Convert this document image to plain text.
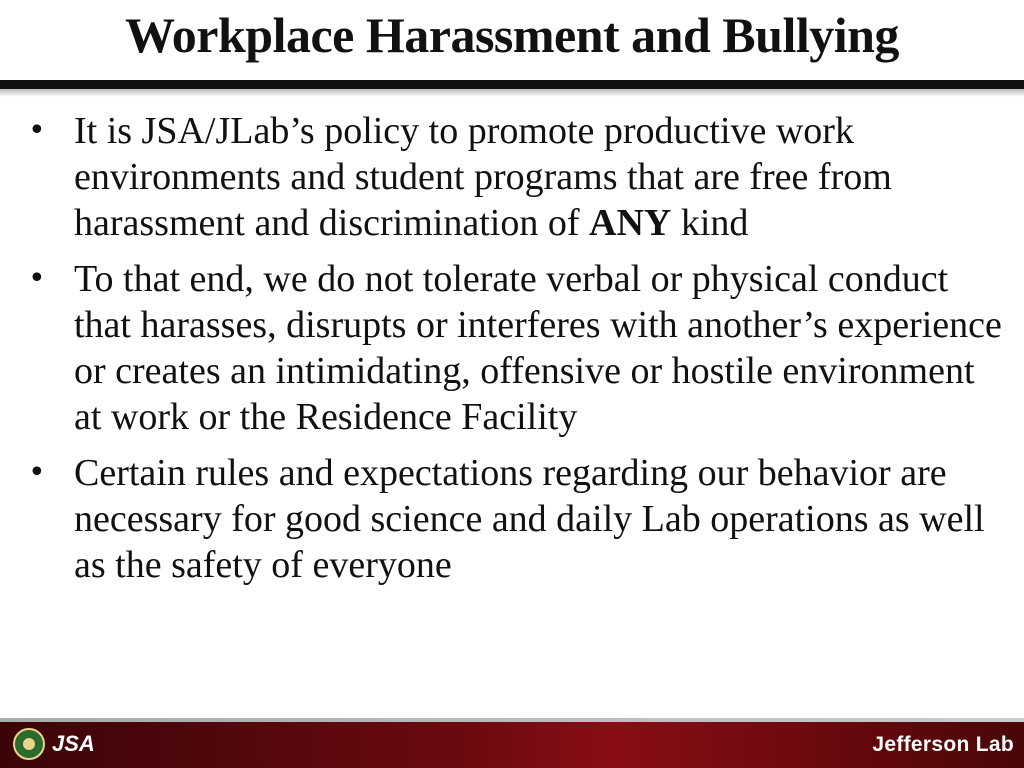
Workplace Harassment and Bullying
• It is JSA/JLab’s policy to promote productive work environments and student programs that are free from harassment and discrimination of ANY kind
• To that end, we do not tolerate verbal or physical conduct that harasses, disrupts or interferes with another’s experience or creates an intimidating, offensive or hostile environment at work or the Residence Facility
• Certain rules and expectations regarding our behavior are necessary for good science and daily Lab operations as well as the safety of everyone
JSA	Jefferson Lab
